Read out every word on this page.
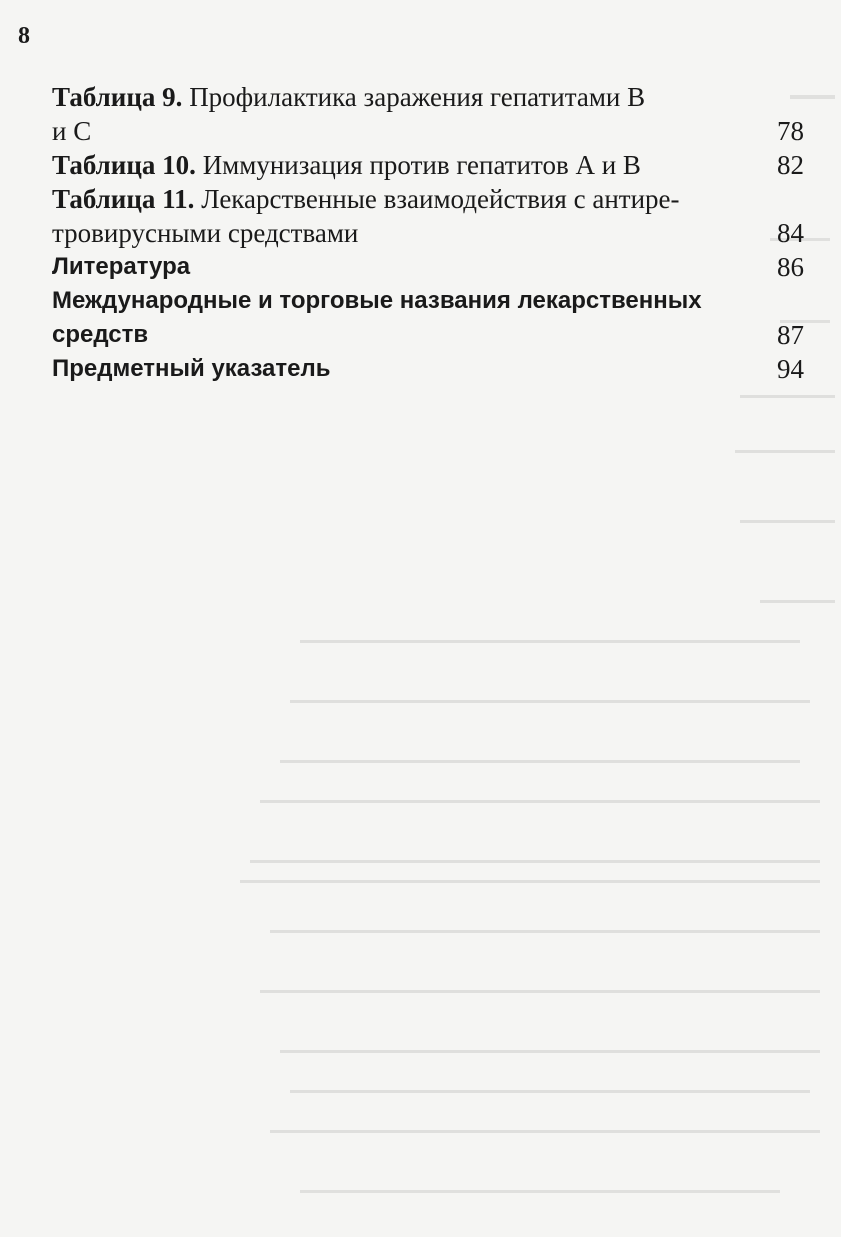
8
Таблица 9. Профилактика заражения гепатитами В
и С	78
Таблица 10. Иммунизация против гепатитов А и В	82
Таблица 11. Лекарственные взаимодействия с антире-
тровирусными средствами	84
Литература	86
Международные и торговые названия лекарственных
средств	87
Предметный указатель	94
